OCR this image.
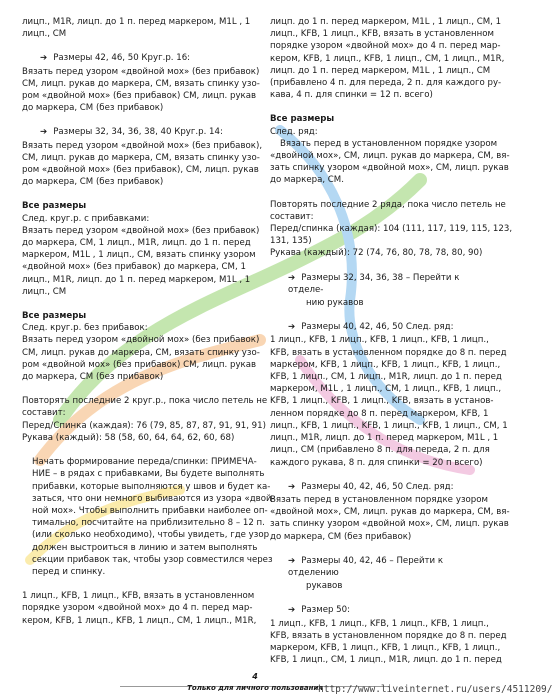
лицп., M1R, лицп. до 1 п. перед маркером, M1L , 1
лицп., СМ
➔ Размеры 42, 46, 50 Круг.р. 16:
Вязать перед узором «двойной мох» (без прибавок)
СМ, лицп. рукав до маркера, СМ, вязать спинку узо-
ром «двойной мох» (без прибавок) СМ, лицп. рукав
до маркера, СМ (без прибавок)
➔ Размеры 32, 34, 36, 38, 40 Круг.р. 14:
Вязать перед узором «двойной мох» (без прибавок),
СМ, лицп. рукав до маркера, СМ, вязать спинку узо-
ром «двойной мох» (без прибавок), СМ, лицп. рукав
до маркера, СМ (без прибавок)
Все размеры
След. круг.р. с прибавками:
Вязать перед узором «двойной мох» (без прибавок)
до маркера, СМ, 1 лицп., M1R, лицп. до 1 п. перед
маркером, M1L , 1 лицп., СМ, вязать спинку узором
«двойной мох» (без прибавок) до маркера, СМ, 1
лицп., M1R, лицп. до 1 п. перед маркером, M1L , 1
лицп., СМ
Все размеры
След. круг.р. без прибавок:
Вязать перед узором «двойной мох» (без прибавок)
СМ, лицп. рукав до маркера, СМ, вязать спинку узо-
ром «двойной мох» (без прибавок) СМ, лицп. рукав
до маркера, СМ (без прибавок)
Повторять последние 2 круг.р., пока число петель не
составит:
Перед/Спинка (каждая): 76 (79, 85, 87, 87, 91, 91, 91)
Рукава (каждый): 58 (58, 60, 64, 64, 62, 60, 68)
Начать формирование переда/спинки: ПРИМЕЧА-
НИЕ – в рядах с прибавками, Вы будете выполнять
прибавки, которые выполняются у швов и будет ка-
заться, что они немного выбиваются из узора «двой-
ной мох». Чтобы выполнить прибавки наиболее оп-
тимально, посчитайте на приблизительно 8 – 12 п.
(или сколько необходимо), чтобы увидеть, где узор
должен выстроиться в линию и затем выполнять
секции прибавок так, чтобы узор совместился через
перед и спинку.
1 лицп., KFB, 1 лицп., KFB, вязать в установленном
порядке узором «двойной мох» до 4 п. перед мар-
кером, KFB, 1 лицп., KFB, 1 лицп., СМ, 1 лицп., M1R,
лицп. до 1 п. перед маркером, M1L , 1 лицп., СМ, 1
лицп., KFB, 1 лицп., KFB, вязать в установленном
порядке узором «двойной мох» до 4 п. перед мар-
кером, KFB, 1 лицп., KFB, 1 лицп., СМ, 1 лицп., M1R,
лицп. до 1 п. перед маркером, M1L , 1 лицп., СМ
(прибавлено 4 п. для переда, 2 п. для каждого ру-
кава, 4 п. для спинки = 12 п. всего)
Все размеры
След. ряд:
Вязать перед в установленном порядке узором
«двойной мох», СМ, лицп. рукав до маркера, СМ, вя-
зать спинку узором «двойной мох», СМ, лицп. рукав
до маркера, СМ.
Повторять последние 2 ряда, пока число петель не
составит:
Перед/спинка (каждая): 104 (111, 117, 119, 115, 123,
131, 135)
Рукава (каждый): 72 (74, 76, 80, 78, 78, 80, 90)
➔ Размеры 32, 34, 36, 38 – Перейти к отделе-
нию рукавов
➔ Размеры 40, 42, 46, 50 След. ряд:
1 лицп., KFB, 1 лицп., KFB, 1 лицп., KFB, 1 лицп.,
KFB, вязать в установленном порядке до 8 п. перед
маркером, KFB, 1 лицп., KFB, 1 лицп., KFB, 1 лицп.,
KFB, 1 лицп., СМ, 1 лицп., M1R, лицп. до 1 п. перед
маркером, M1L , 1 лицп., СМ, 1 лицп., KFB, 1 лицп.,
KFB, 1 лицп., KFB, 1 лицп., KFB, вязать в установ-
ленном порядке до 8 п. перед маркером, KFB, 1
лицп., KFB, 1 лицп., KFB, 1 лицп., KFB, 1 лицп., СМ, 1
лицп., M1R, лицп. до 1 п. перед маркером, M1L , 1
лицп., СМ (прибавлено 8 п. для переда, 2 п. для
каждого рукава, 8 п. для спинки = 20 п всего)
➔ Размеры 40, 42, 46, 50 След. ряд:
Вязать перед в установленном порядке узором
«двойной мох», СМ, лицп. рукав до маркера, СМ, вя-
зать спинку узором «двойной мох», СМ, лицп. рукав
до маркера, СМ (без прибавок)
➔ Размеры 40, 42, 46 – Перейти к отделению
рукавов
➔ Размер 50:
1 лицп., KFB, 1 лицп., KFB, 1 лицп., KFB, 1 лицп.,
KFB, вязать в установленном порядке до 8 п. перед
маркером, KFB, 1 лицп., KFB, 1 лицп., KFB, 1 лицп.,
KFB, 1 лицп., СМ, 1 лицп., M1R, лицп. до 1 п. перед
4
Только для личного пользования
http://www.liveinternet.ru/users/4511209/
